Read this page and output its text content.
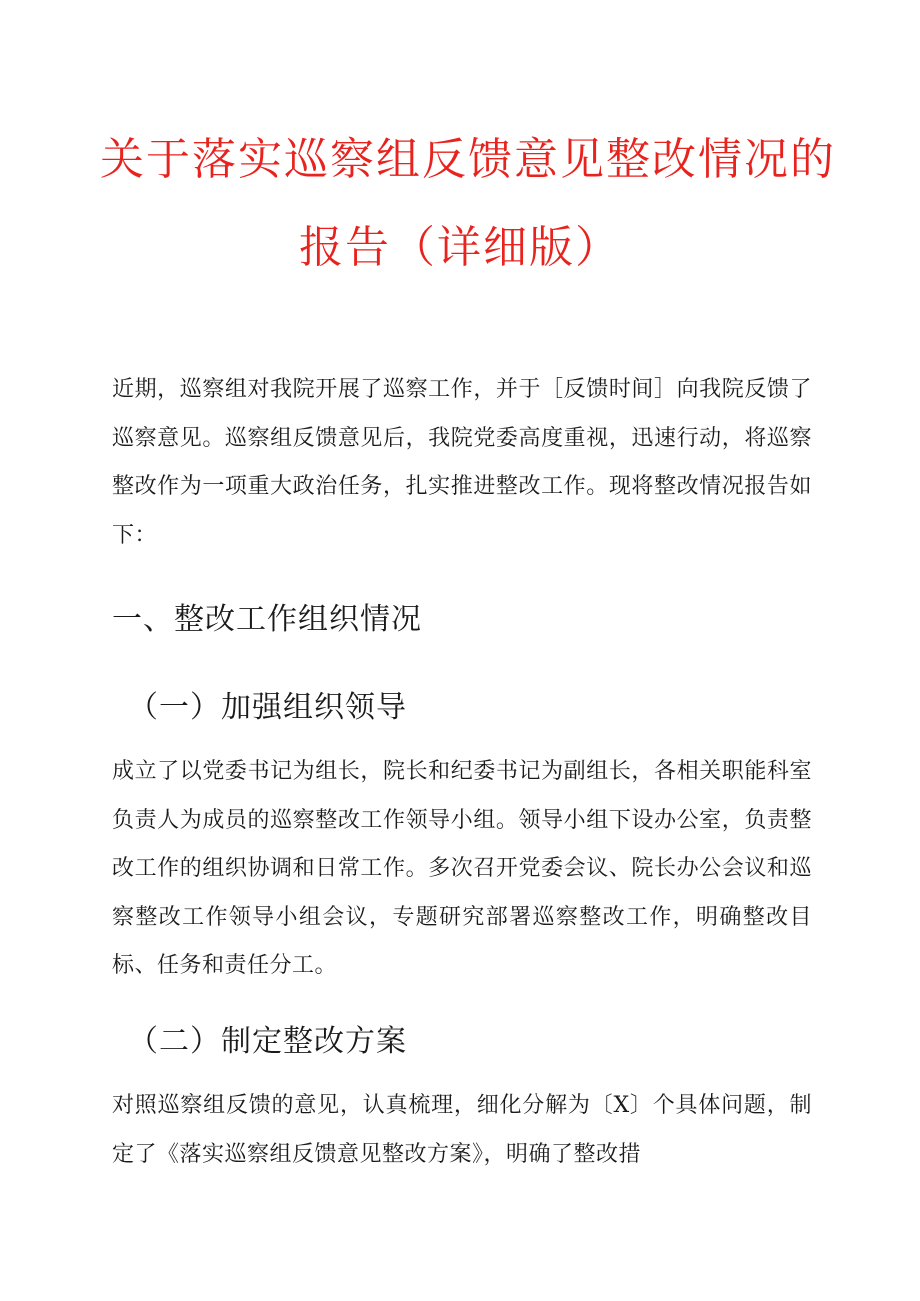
关于落实巡察组反馈意见整改情况的
报告（详细版）

近期，巡察组对我院开展了巡察工作，并于［反馈时间］向我院反馈了巡察意见。巡察组反馈意见后，我院党委高度重视，迅速行动，将巡察整改作为一项重大政治任务，扎实推进整改工作。现将整改情况报告如下：

一、整改工作组织情况
（一）加强组织领导

成立了以党委书记为组长，院长和纪委书记为副组长，各相关职能科室负责人为成员的巡察整改工作领导小组。领导小组下设办公室，负责整改工作的组织协调和日常工作。多次召开党委会议、院长办公会议和巡察整改工作领导小组会议，专题研究部署巡察整改工作，明确整改目标、任务和责任分工。

（二）制定整改方案

对照巡察组反馈的意见，认真梳理，细化分解为〔X〕个具体问题，制定了《落实巡察组反馈意见整改方案》，明确了整改措
